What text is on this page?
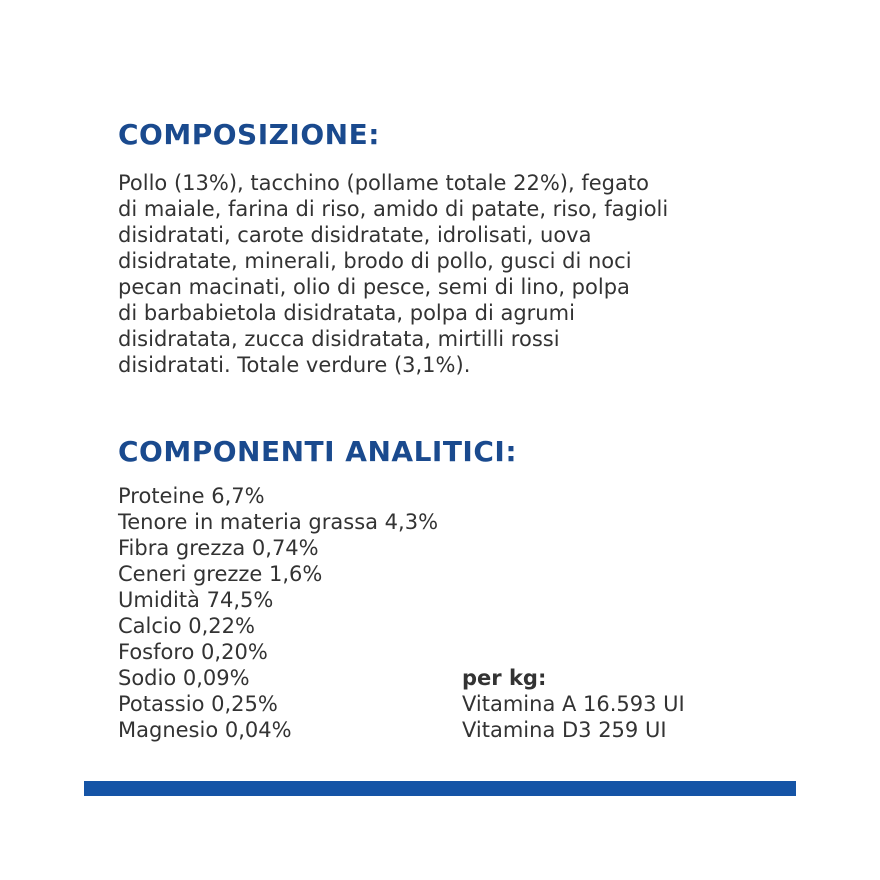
COMPOSIZIONE:
Pollo (13%), tacchino (pollame totale 22%), fegato
di maiale, farina di riso, amido di patate, riso, fagioli
disidratati, carote disidratate, idrolisati, uova
disidratate, minerali, brodo di pollo, gusci di noci
pecan macinati, olio di pesce, semi di lino, polpa
di barbabietola disidratata, polpa di agrumi
disidratata, zucca disidratata, mirtilli rossi
disidratati. Totale verdure (3,1%).
COMPONENTI ANALITICI:
Proteine 6,7%
Tenore in materia grassa 4,3%
Fibra grezza 0,74%
Ceneri grezze 1,6%
Umidità 74,5%
Calcio 0,22%
Fosforo 0,20%
Sodio 0,09%
Potassio 0,25%
Magnesio 0,04%
per kg:
Vitamina A 16.593 UI
Vitamina D3 259 UI
